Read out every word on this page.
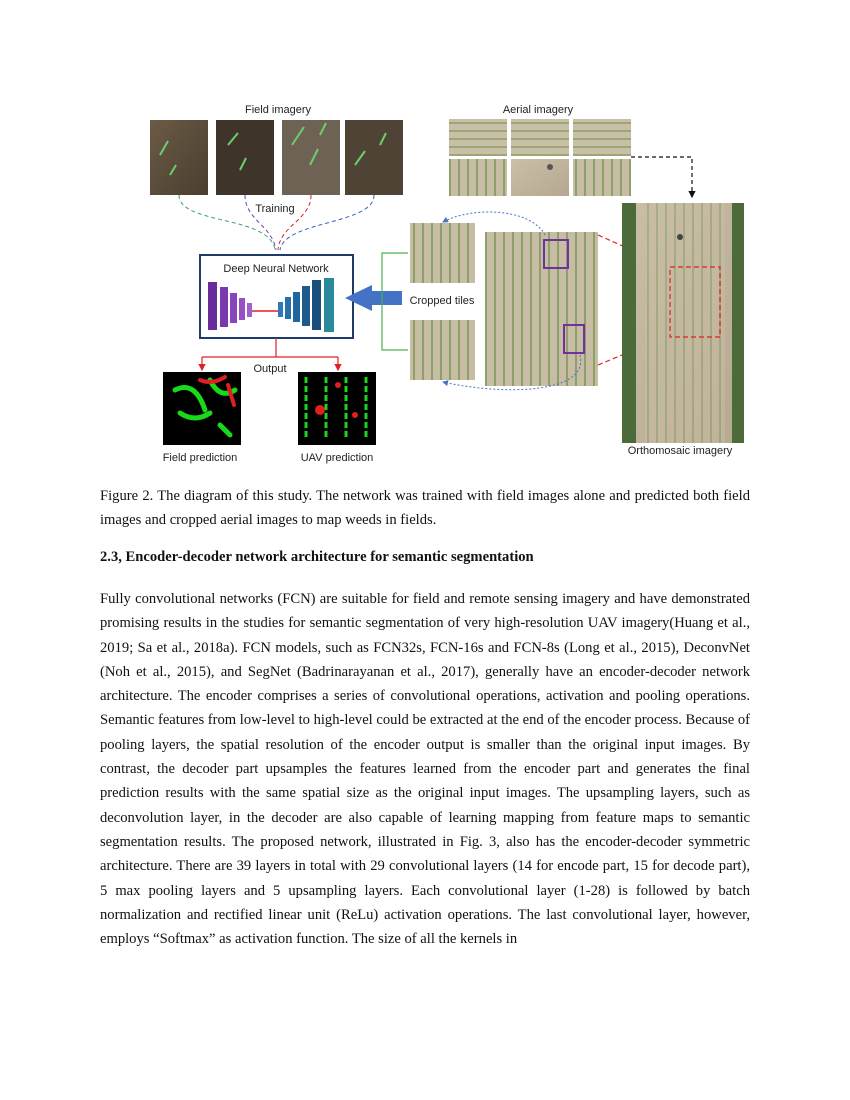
Field imagery
Training
Deep Neural Network
Output
Field prediction	UAV prediction
Aerial imagery
Cropped tiles
Orthomosaic imagery
Figure 2. The diagram of this study. The network was trained with field images alone and predicted both field images and cropped aerial images to map weeds in fields.
2.3, Encoder-decoder network architecture for semantic segmentation
Fully convolutional networks (FCN) are suitable for field and remote sensing imagery and have demonstrated promising results in the studies for semantic segmentation of very high-resolution UAV imagery(Huang et al., 2019; Sa et al., 2018a). FCN models, such as FCN32s, FCN-16s and FCN-8s (Long et al., 2015), DeconvNet (Noh et al., 2015), and SegNet (Badrinarayanan et al., 2017), generally have an encoder-decoder network architecture. The encoder comprises a series of convolutional operations, activation and pooling operations. Semantic features from low-level to high-level could be extracted at the end of the encoder process. Because of pooling layers, the spatial resolution of the encoder output is smaller than the original input images. By contrast, the decoder part upsamples the features learned from the encoder part and generates the final prediction results with the same spatial size as the original input images. The upsampling layers, such as deconvolution layer, in the decoder are also capable of learning mapping from feature maps to semantic segmentation results. The proposed network, illustrated in Fig. 3, also has the encoder-decoder symmetric architecture. There are 39 layers in total with 29 convolutional layers (14 for encode part, 15 for decode part), 5 max pooling layers and 5 upsampling layers. Each convolutional layer (1-28) is followed by batch normalization and rectified linear unit (ReLu) activation operations. The last convolutional layer, however, employs “Softmax” as activation function. The size of all the kernels in
